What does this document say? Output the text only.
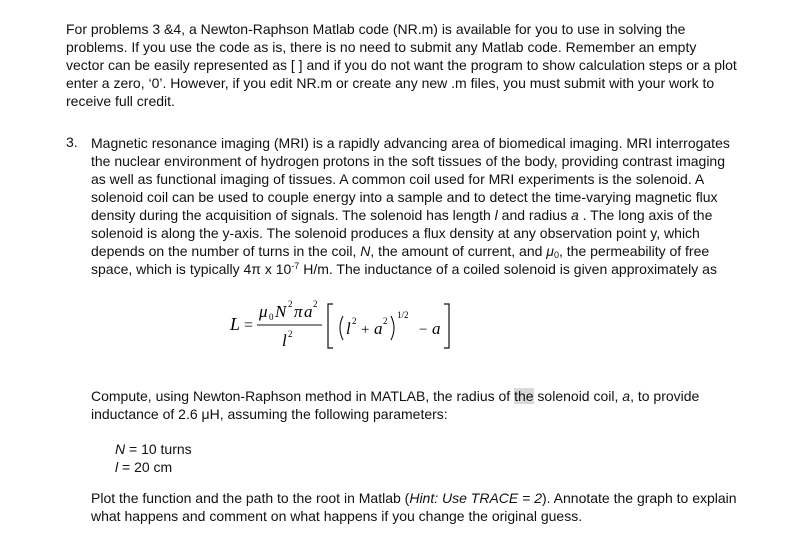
For problems 3 &4, a Newton-Raphson Matlab code (NR.m) is available for you to use in solving the problems. If you use the code as is, there is no need to submit any Matlab code. Remember an empty vector can be easily represented as [ ] and if you do not want the program to show calculation steps or a plot enter a zero, ‘0’. However, if you edit NR.m or create any new .m files, you must submit with your work to receive full credit.

3. Magnetic resonance imaging (MRI) is a rapidly advancing area of biomedical imaging. MRI interrogates the nuclear environment of hydrogen protons in the soft tissues of the body, providing contrast imaging as well as functional imaging of tissues. A common coil used for MRI experiments is the solenoid. A solenoid coil can be used to couple energy into a sample and to detect the time-varying magnetic flux density during the acquisition of signals. The solenoid has length l and radius a . The long axis of the solenoid is along the y-axis. The solenoid produces a flux density at any observation point y, which depends on the number of turns in the coil, N, the amount of current, and $\mu_0$, the permeability of free space, which is typically 4π x $10^{-7}$ H/m. The inductance of a coiled solenoid is given approximately as

L =
μ 0 N 2 π a 2
l 2	l 2
+ a 2
1/2
− a

Compute, using Newton-Raphson method in MATLAB, the radius of the solenoid coil, a, to provide inductance of 2.6 μH, assuming the following parameters:

N = 10 turns
l = 20 cm

Plot the function and the path to the root in Matlab (Hint: Use TRACE = 2). Annotate the graph to explain what happens and comment on what happens if you change the original guess.
